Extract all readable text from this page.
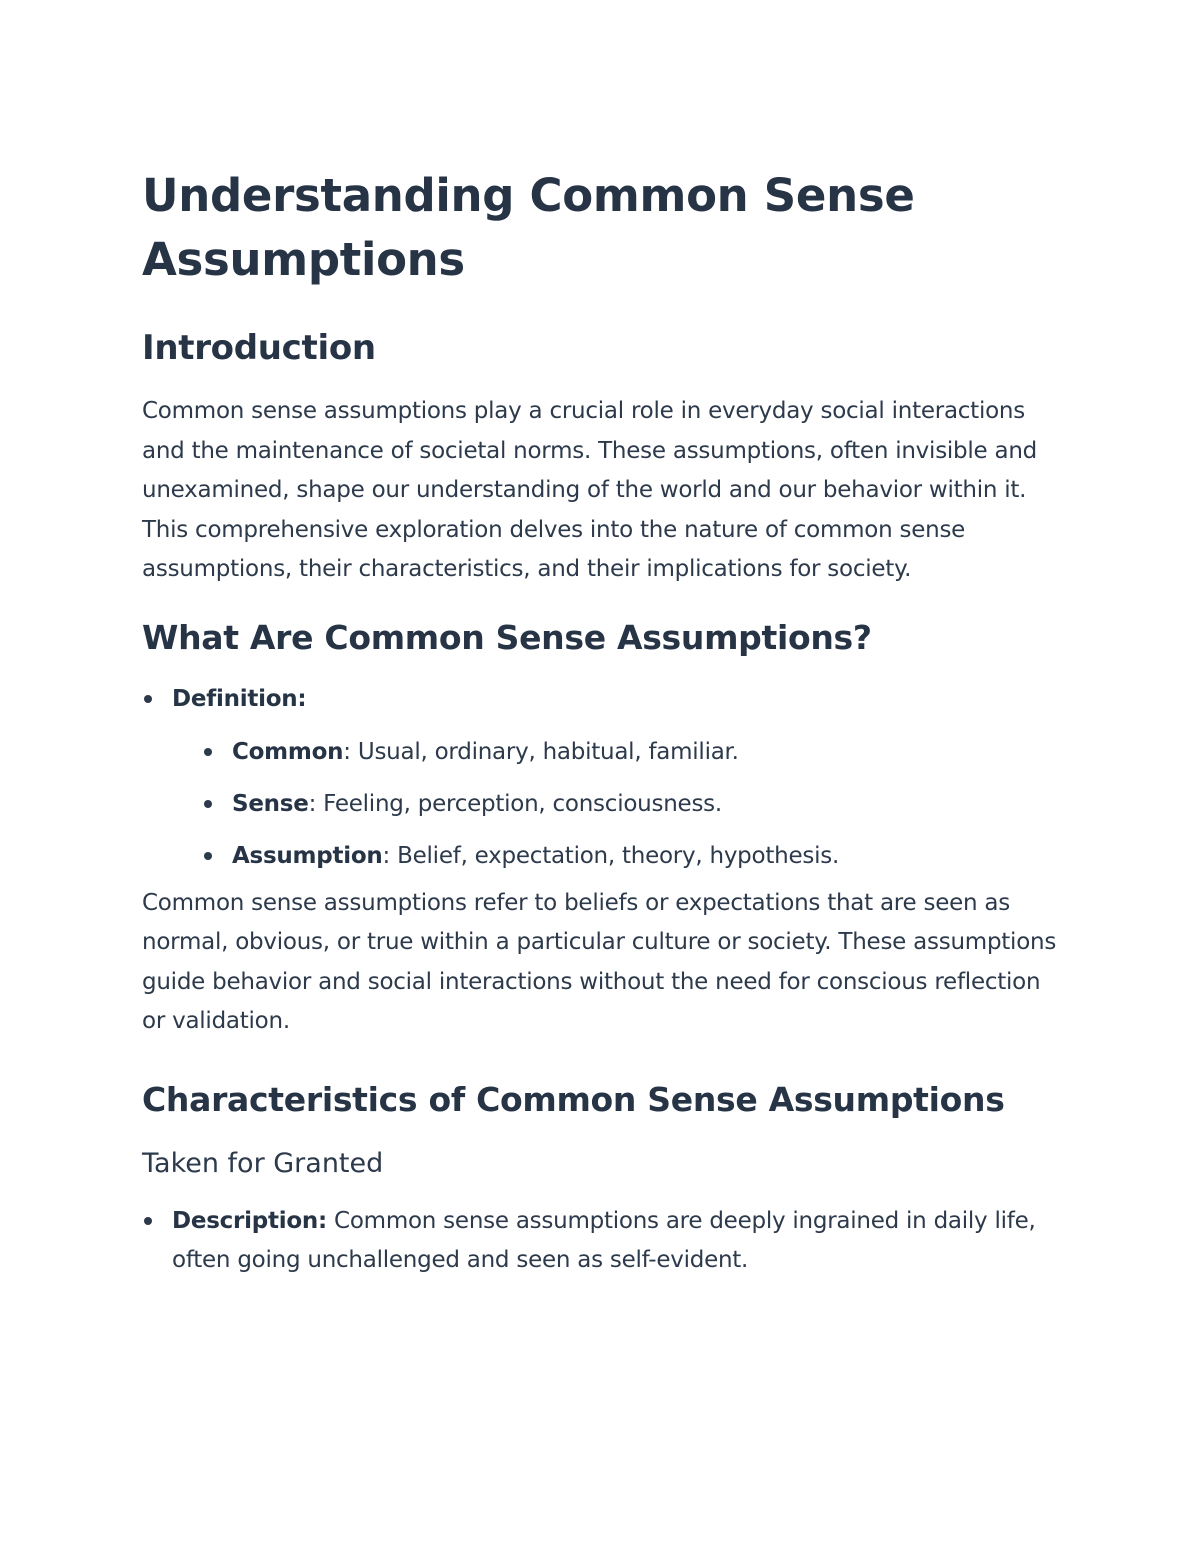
Understanding Common Sense Assumptions
Introduction

Common sense assumptions play a crucial role in everyday social interactions and the maintenance of societal norms. These assumptions, often invisible and unexamined, shape our understanding of the world and our behavior within it. This comprehensive exploration delves into the nature of common sense assumptions, their characteristics, and their implications for society.

What Are Common Sense Assumptions?
Definition:
Common: Usual, ordinary, habitual, familiar.
Sense: Feeling, perception, consciousness.
Assumption: Belief, expectation, theory, hypothesis.

Common sense assumptions refer to beliefs or expectations that are seen as normal, obvious, or true within a particular culture or society. These assumptions guide behavior and social interactions without the need for conscious reflection or validation.

Characteristics of Common Sense Assumptions
Taken for Granted
Description: Common sense assumptions are deeply ingrained in daily life, often going unchallenged and seen as self-evident.
